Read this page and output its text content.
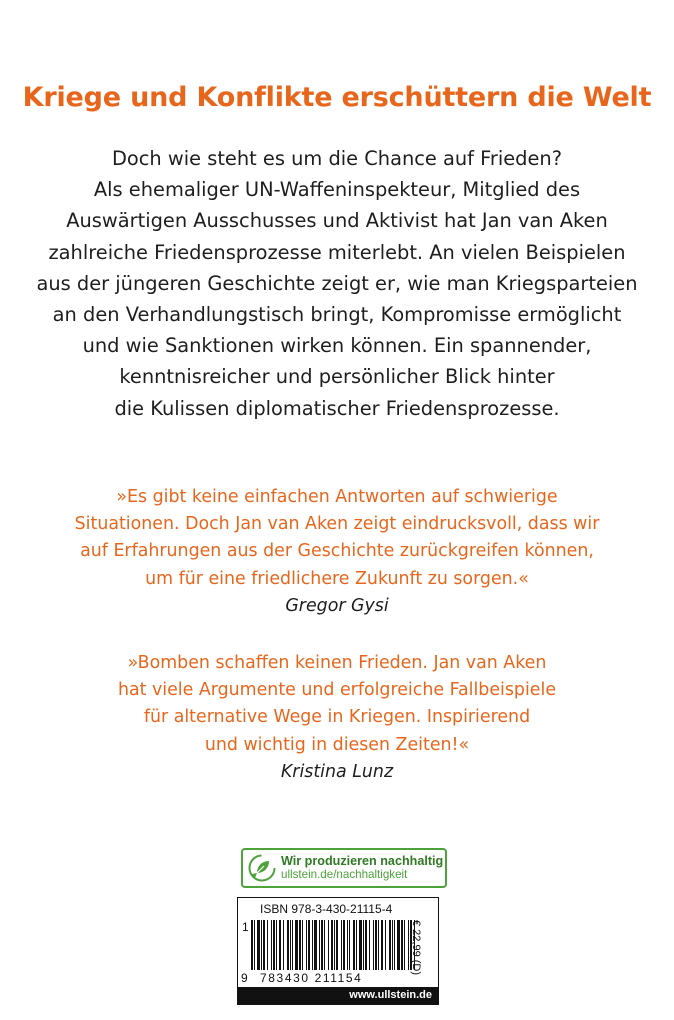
Kriege und Konflikte erschüttern die Welt
Doch wie steht es um die Chance auf Frieden?
Als ehemaliger UN-Waffeninspekteur, Mitglied des
Auswärtigen Ausschusses und Aktivist hat Jan van Aken
zahlreiche Friedensprozesse miterlebt. An vielen Beispielen
aus der jüngeren Geschichte zeigt er, wie man Kriegsparteien
an den Verhandlungstisch bringt, Kompromisse ermöglicht
und wie Sanktionen wirken können. Ein spannender,
kenntnisreicher und persönlicher Blick hinter
die Kulissen diplomatischer Friedensprozesse.
»Es gibt keine einfachen Antworten auf schwierige
Situationen. Doch Jan van Aken zeigt eindrucksvoll, dass wir
auf Erfahrungen aus der Geschichte zurückgreifen können,
um für eine friedlichere Zukunft zu sorgen.«
Gregor Gysi
»Bomben schaffen keinen Frieden. Jan van Aken
hat viele Argumente und erfolgreiche Fallbeispiele
für alternative Wege in Kriegen. Inspirierend
und wichtig in diesen Zeiten!«
Kristina Lunz
Wir produzieren nachhaltig
ullstein.de/nachhaltigkeit
ISBN 978-3-430-21115-4
1	€ 22,99 (D)
9 783430 211154
www.ullstein.de
